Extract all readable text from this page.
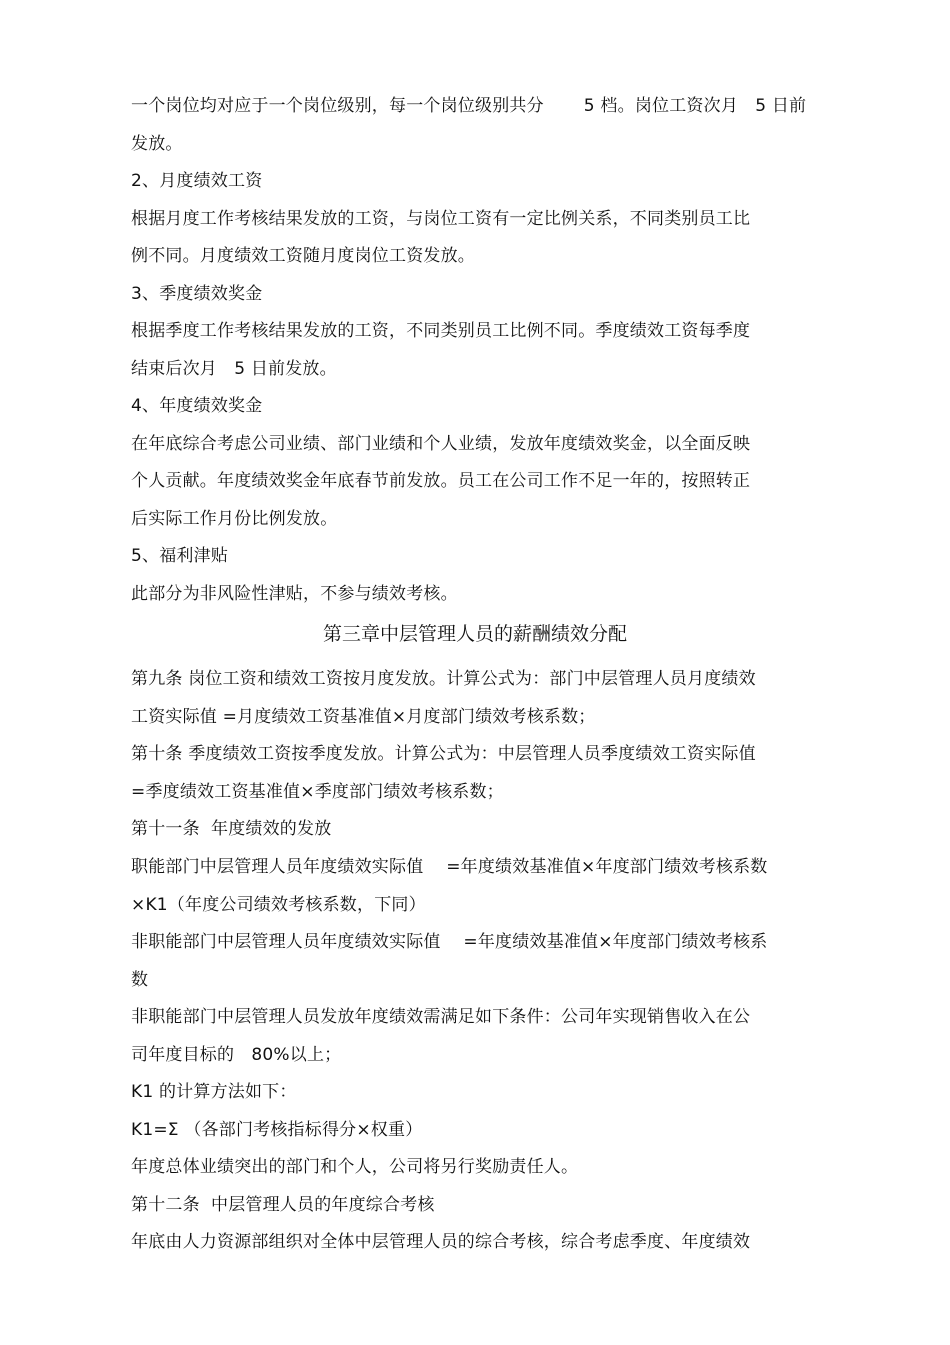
一个岗位均对应于一个岗位级别，每一个岗位级别共分　　 5 档。岗位工资次月　5 日前
发放。
2、月度绩效工资
根据月度工作考核结果发放的工资，与岗位工资有一定比例关系，不同类别员工比
例不同。月度绩效工资随月度岗位工资发放。
3、季度绩效奖金
根据季度工作考核结果发放的工资，不同类别员工比例不同。季度绩效工资每季度
结束后次月　5 日前发放。
4、年度绩效奖金
在年底综合考虑公司业绩、部门业绩和个人业绩，发放年度绩效奖金，以全面反映
个人贡献。年度绩效奖金年底春节前发放。员工在公司工作不足一年的，按照转正
后实际工作月份比例发放。
5、福利津贴
此部分为非风险性津贴，不参与绩效考核。
第三章中层管理人员的薪酬绩效分配
第九条 岗位工资和绩效工资按月度发放。计算公式为：部门中层管理人员月度绩效
工资实际值 =月度绩效工资基准值×月度部门绩效考核系数；
第十条 季度绩效工资按季度发放。计算公式为：中层管理人员季度绩效工资实际值
=季度绩效工资基准值×季度部门绩效考核系数；
第十一条  年度绩效的发放
职能部门中层管理人员年度绩效实际值　 =年度绩效基准值×年度部门绩效考核系数
×K1（年度公司绩效考核系数，下同）
非职能部门中层管理人员年度绩效实际值　 =年度绩效基准值×年度部门绩效考核系
数
非职能部门中层管理人员发放年度绩效需满足如下条件：公司年实现销售收入在公
司年度目标的　80%以上；
K1 的计算方法如下：
K1=Σ （各部门考核指标得分×权重）
年度总体业绩突出的部门和个人，公司将另行奖励责任人。
第十二条  中层管理人员的年度综合考核
年底由人力资源部组织对全体中层管理人员的综合考核，综合考虑季度、年度绩效
